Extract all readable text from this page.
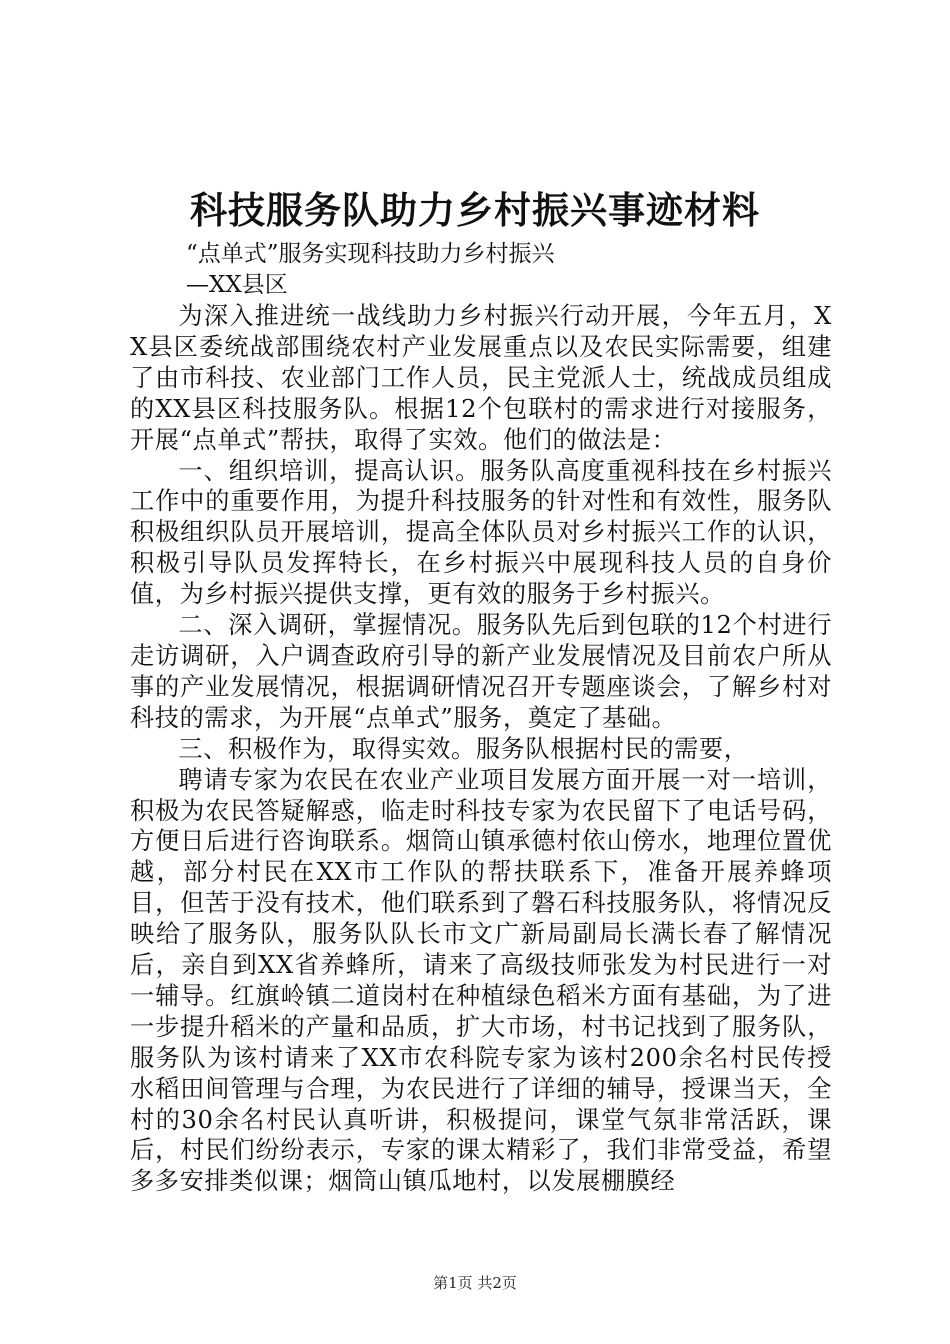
科技服务队助力乡村振兴事迹材料

“点单式”服务实现科技助力乡村振兴

—XX县区

为深入推进统一战线助力乡村振兴行动开展，今年五月，XX县区委统战部围绕农村产业发展重点以及农民实际需要，组建了由市科技、农业部门工作人员，民主党派人士，统战成员组成的XX县区科技服务队。根据12个包联村的需求进行对接服务，开展“点单式”帮扶，取得了实效。他们的做法是：

一、组织培训，提高认识。服务队高度重视科技在乡村振兴工作中的重要作用，为提升科技服务的针对性和有效性，服务队积极组织队员开展培训，提高全体队员对乡村振兴工作的认识，积极引导队员发挥特长，在乡村振兴中展现科技人员的自身价值，为乡村振兴提供支撑，更有效的服务于乡村振兴。

二、深入调研，掌握情况。服务队先后到包联的12个村进行走访调研，入户调查政府引导的新产业发展情况及目前农户所从事的产业发展情况，根据调研情况召开专题座谈会，了解乡村对科技的需求，为开展“点单式”服务，奠定了基础。

三、积极作为，取得实效。服务队根据村民的需要，

聘请专家为农民在农业产业项目发展方面开展一对一培训，积极为农民答疑解惑，临走时科技专家为农民留下了电话号码，方便日后进行咨询联系。烟筒山镇承德村依山傍水，地理位置优越，部分村民在XX市工作队的帮扶联系下，准备开展养蜂项目，但苦于没有技术，他们联系到了磐石科技服务队，将情况反映给了服务队，服务队队长市文广新局副局长满长春了解情况后，亲自到XX省养蜂所，请来了高级技师张发为村民进行一对一辅导。红旗岭镇二道岗村在种植绿色稻米方面有基础，为了进一步提升稻米的产量和品质，扩大市场，村书记找到了服务队，服务队为该村请来了XX市农科院专家为该村200余名村民传授水稻田间管理与合理，为农民进行了详细的辅导，授课当天，全村的30余名村民认真听讲，积极提问，课堂气氛非常活跃，课后，村民们纷纷表示，专家的课太精彩了，我们非常受益，希望多多安排类似课；烟筒山镇瓜地村，以发展棚膜经

第1页 共2页
